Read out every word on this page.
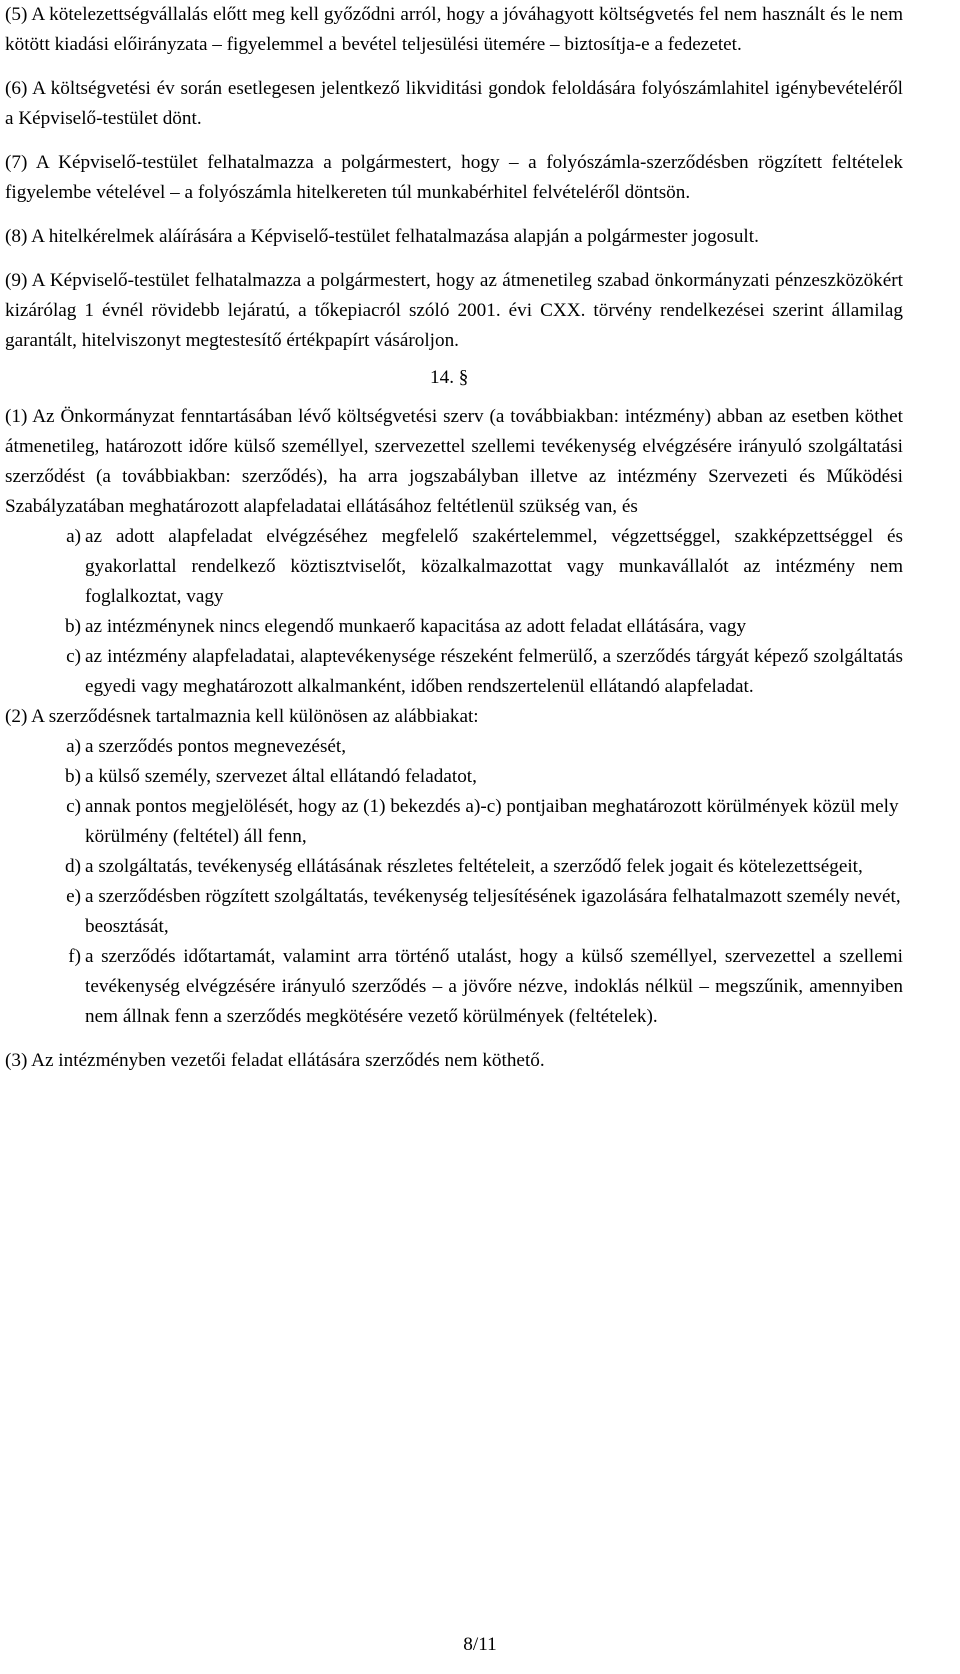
(5) A kötelezettségvállalás előtt meg kell győződni arról, hogy a jóváhagyott költségvetés fel nem használt és le nem kötött kiadási előirányzata – figyelemmel a bevétel teljesülési ütemére – biztosítja-e a fedezetet.

(6) A költségvetési év során esetlegesen jelentkező likviditási gondok feloldására folyószámlahitel igénybevételéről a Képviselő-testület dönt.

(7) A Képviselő-testület felhatalmazza a polgármestert, hogy – a folyószámla-szerződésben rögzített feltételek figyelembe vételével – a folyószámla hitelkereten túl munkabérhitel felvételéről döntsön.

(8) A hitelkérelmek aláírására a Képviselő-testület felhatalmazása alapján a polgármester jogosult.

(9) A Képviselő-testület felhatalmazza a polgármestert, hogy az átmenetileg szabad önkormányzati pénzeszközökért kizárólag 1 évnél rövidebb lejáratú, a tőkepiacról szóló 2001. évi CXX. törvény rendelkezései szerint államilag garantált, hitelviszonyt megtestesítő értékpapírt vásároljon.

14. §

(1) Az Önkormányzat fenntartásában lévő költségvetési szerv (a továbbiakban: intézmény) abban az esetben köthet átmenetileg, határozott időre külső személlyel, szervezettel szellemi tevékenység elvégzésére irányuló szolgáltatási szerződést (a továbbiakban: szerződés), ha arra jogszabályban illetve az intézmény Szervezeti és Működési Szabályzatában meghatározott alapfeladatai ellátásához feltétlenül szükség van, és

a) az adott alapfeladat elvégzéséhez megfelelő szakértelemmel, végzettséggel, szakképzettséggel és gyakorlattal rendelkező köztisztviselőt, közalkalmazottat vagy munkavállalót az intézmény nem foglalkoztat, vagy
b) az intézménynek nincs elegendő munkaerő kapacitása az adott feladat ellátására, vagy
c) az intézmény alapfeladatai, alaptevékenysége részeként felmerülő, a szerződés tárgyát képező szolgáltatás egyedi vagy meghatározott alkalmanként, időben rendszertelenül ellátandó alapfeladat.

(2) A szerződésnek tartalmaznia kell különösen az alábbiakat:

a) a szerződés pontos megnevezését,
b) a külső személy, szervezet által ellátandó feladatot,
c) annak pontos megjelölését, hogy az (1) bekezdés a)-c) pontjaiban meghatározott körülmények közül mely körülmény (feltétel) áll fenn,
d) a szolgáltatás, tevékenység ellátásának részletes feltételeit, a szerződő felek jogait és kötelezettségeit,
e) a szerződésben rögzített szolgáltatás, tevékenység teljesítésének igazolására felhatalmazott személy nevét, beosztását,
f) a szerződés időtartamát, valamint arra történő utalást, hogy a külső személlyel, szervezettel a szellemi tevékenység elvégzésére irányuló szerződés – a jövőre nézve, indoklás nélkül – megszűnik, amennyiben nem állnak fenn a szerződés megkötésére vezető körülmények (feltételek).

(3) Az intézményben vezetői feladat ellátására szerződés nem köthető.

8/11
